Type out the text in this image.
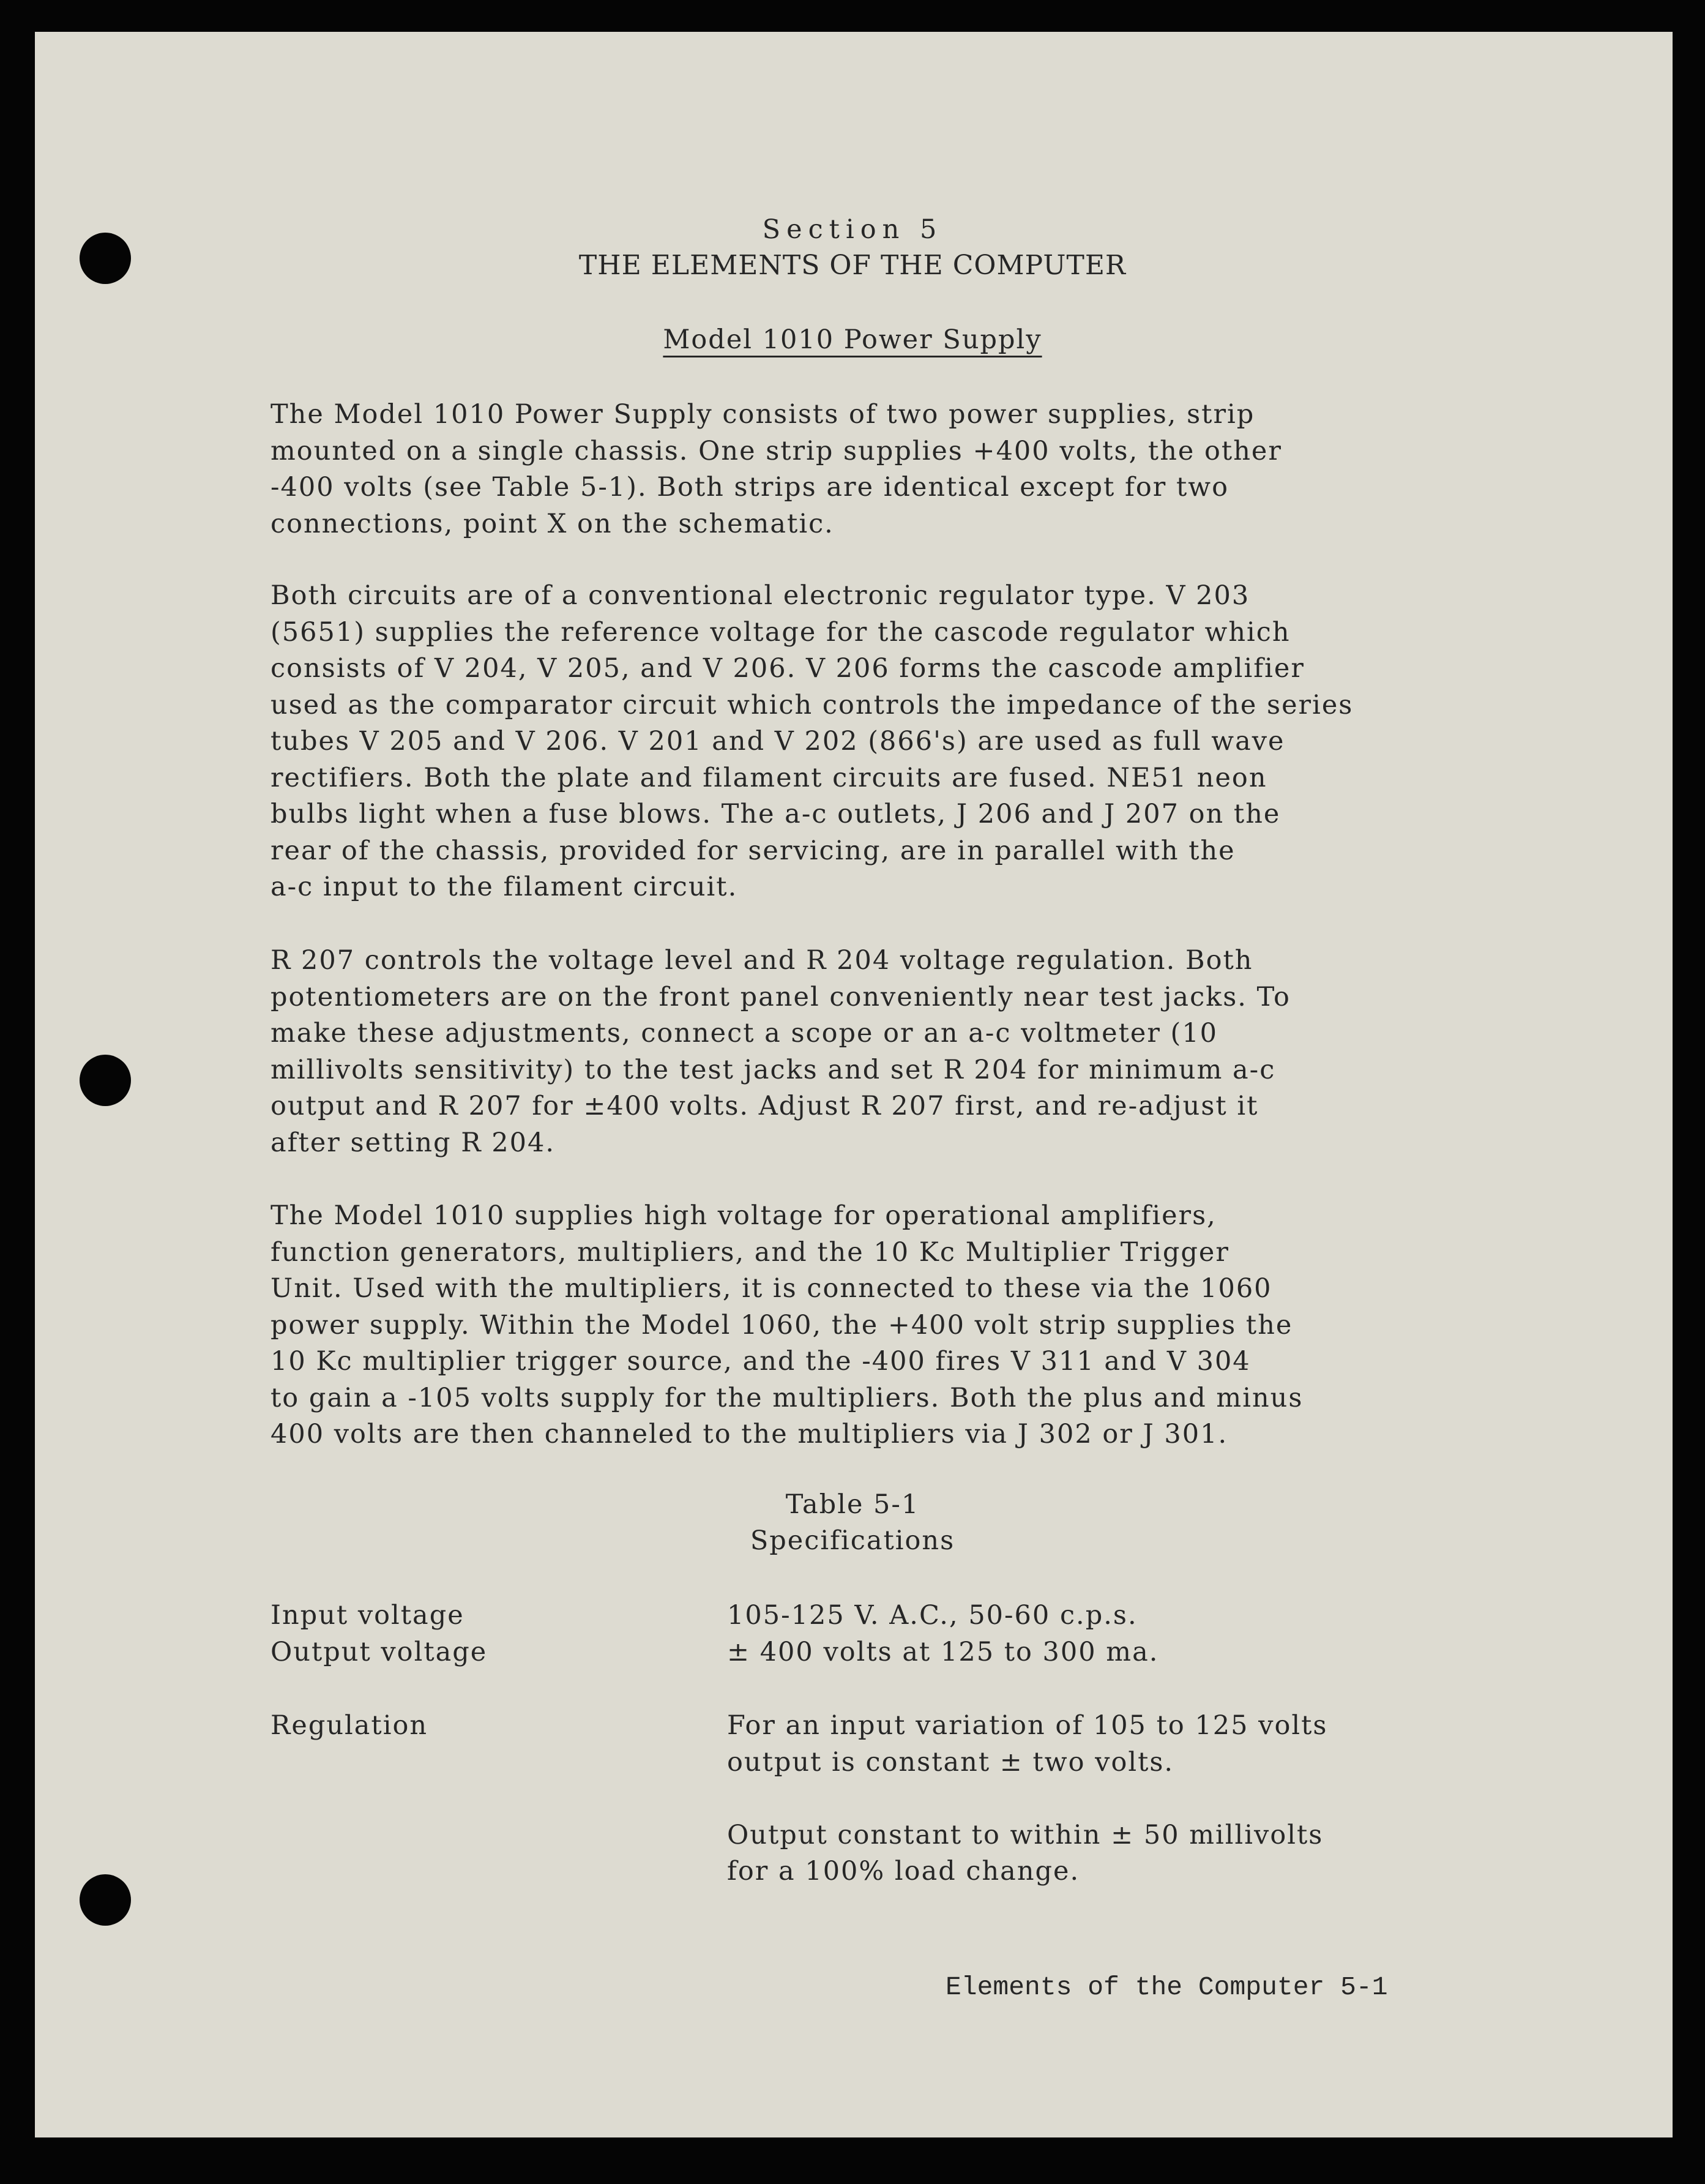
Section 5
THE ELEMENTS OF THE COMPUTER
Model 1010 Power Supply
The Model 1010 Power Supply consists of two power supplies, strip
mounted on a single chassis. One strip supplies +400 volts, the other
-400 volts (see Table 5-1). Both strips are identical except for two
connections, point X on the schematic.
Both circuits are of a conventional electronic regulator type. V 203
(5651) supplies the reference voltage for the cascode regulator which
consists of V 204, V 205, and V 206. V 206 forms the cascode amplifier
used as the comparator circuit which controls the impedance of the series
tubes V 205 and V 206. V 201 and V 202 (866's) are used as full wave
rectifiers. Both the plate and filament circuits are fused. NE51 neon
bulbs light when a fuse blows. The a-c outlets, J 206 and J 207 on the
rear of the chassis, provided for servicing, are in parallel with the
a-c input to the filament circuit.
R 207 controls the voltage level and R 204 voltage regulation. Both
potentiometers are on the front panel conveniently near test jacks. To
make these adjustments, connect a scope or an a-c voltmeter (10
millivolts sensitivity) to the test jacks and set R 204 for minimum a-c
output and R 207 for ±400 volts. Adjust R 207 first, and re-adjust it
after setting R 204.
The Model 1010 supplies high voltage for operational amplifiers,
function generators, multipliers, and the 10 Kc Multiplier Trigger
Unit. Used with the multipliers, it is connected to these via the 1060
power supply. Within the Model 1060, the +400 volt strip supplies the
10 Kc multiplier trigger source, and the -400 fires V 311 and V 304
to gain a -105 volts supply for the multipliers. Both the plus and minus
400 volts are then channeled to the multipliers via J 302 or J 301.
Table 5-1
Specifications
Input voltage	105-125 V. A.C., 50-60 c.p.s.
Output voltage	± 400 volts at 125 to 300 ma.
Regulation	For an input variation of 105 to 125 volts
output is constant ± two volts.
Output constant to within ± 50 millivolts
for a 100% load change.
Elements of the Computer 5-1
